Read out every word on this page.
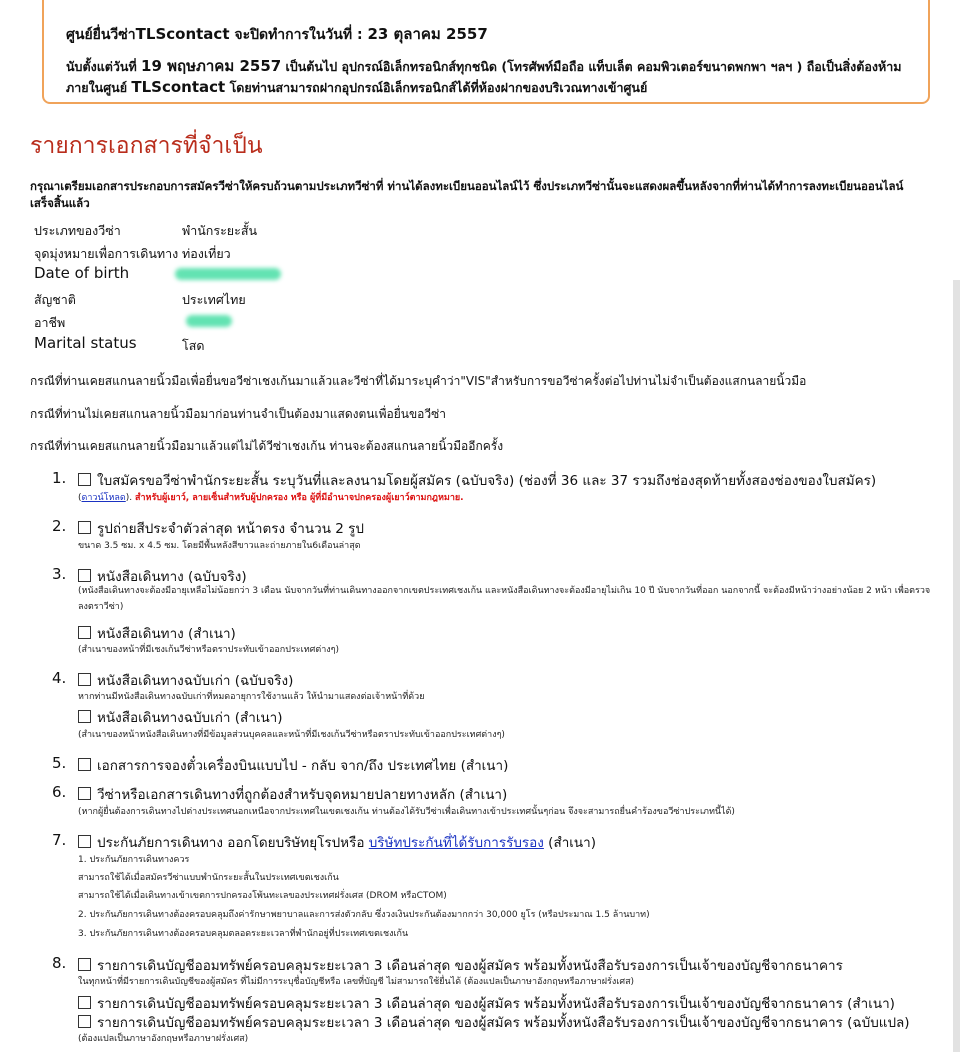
ศูนย์ยื่นวีซ่าTLScontact จะปิดทำการในวันที่ : 23 ตุลาคม 2557
นับตั้งแต่วันที่ 19 พฤษภาคม 2557 เป็นต้นไป อุปกรณ์อิเล็กทรอนิกส์ทุกชนิด (โทรศัพท์มือถือ แท็บเล็ต คอมพิวเตอร์ขนาดพกพา ฯลฯ ) ถือเป็นสิ่งต้องห้ามภายในศูนย์ TLScontact โดยท่านสามารถฝากอุปกรณ์อิเล็กทรอนิกส์ได้ที่ห้องฝากของบริเวณทางเข้าศูนย์
รายการเอกสารที่จำเป็น
กรุณาเตรียมเอกสารประกอบการสมัครวีซ่าให้ครบถ้วนตามประเภทวีซ่าที่ ท่านได้ลงทะเบียนออนไลน์ไว้ ซึ่งประเภทวีซ่านั้นจะแสดงผลขึ้นหลังจากที่ท่านได้ทำการลงทะเบียนออนไลน์ เสร็จสิ้นแล้ว
ประเภทของวีซ่า	พำนักระยะสั้น
จุดมุ่งหมายเพื่อการเดินทาง ท่องเที่ยว
Date of birth
สัญชาติ	ประเทศไทย
อาชีพ
Marital status	โสด
กรณีที่ท่านเคยสแกนลายนิ้วมือเพื่อยื่นขอวีซ่าเชงเก้นมาแล้วและวีซ่าที่ได้มาระบุคำว่า"VIS"สำหรับการขอวีซ่าครั้งต่อไปท่านไม่จำเป็นต้องแสกนลายนิ้วมือ
กรณีที่ท่านไม่เคยสแกนลายนิ้วมือมาก่อนท่านจำเป็นต้องมาแสดงตนเพื่อยื่นขอวีซ่า
กรณีที่ท่านเคยสแกนลายนิ้วมือมาแล้วแต่ไม่ได้วีซ่าเชงเก้น ท่านจะต้องสแกนลายนิ้วมืออีกครั้ง
1.	ใบสมัครขอวีซ่าพำนักระยะสั้น ระบุวันที่และลงนามโดยผู้สมัคร (ฉบับจริง) (ช่องที่ 36 และ 37 รวมถึงช่องสุดท้ายทั้งสองช่องของใบสมัคร)
(ดาวน์โหลด). สำหรับผู้เยาว์, ลายเซ็นสำหรับผู้ปกครอง หรือ ผู้ที่มีอำนาจปกครองผู้เยาว์ตามกฎหมาย.
2.	รูปถ่ายสีประจำตัวล่าสุด หน้าตรง จำนวน 2 รูป
ขนาด 3.5 ซม. x 4.5 ซม. โดยมีพื้นหลังสีขาวและถ่ายภายใน6เดือนล่าสุด
3.	หนังสือเดินทาง (ฉบับจริง)
(หนังสือเดินทางจะต้องมีอายุเหลือไม่น้อยกว่า 3 เดือน นับจากวันที่ท่านเดินทางออกจากเขตประเทศเชงเก้น และหนังสือเดินทางจะต้องมีอายุไม่เกิน 10 ปี นับจากวันที่ออก นอกจากนี้ จะต้องมีหน้าว่างอย่างน้อย 2 หน้า เพื่อตรวจลงตราวีซ่า)
หนังสือเดินทาง (สำเนา)
(สำเนาของหน้าที่มีเชงเก้นวีซ่าหรือตราประทับเข้าออกประเทศต่างๆ)
4.	หนังสือเดินทางฉบับเก่า (ฉบับจริง)
หากท่านมีหนังสือเดินทางฉบับเก่าที่หมดอายุการใช้งานแล้ว ให้นำมาแสดงต่อเจ้าหน้าที่ด้วย
หนังสือเดินทางฉบับเก่า (สำเนา)
(สำเนาของหน้าหนังสือเดินทางที่มีข้อมูลส่วนบุคคลและหน้าที่มีเชงเก้นวีซ่าหรือตราประทับเข้าออกประเทศต่างๆ)
5.	เอกสารการจองตั๋วเครื่องบินแบบไป - กลับ จาก/ถึง ประเทศไทย (สำเนา)
6.	วีซ่าหรือเอกสารเดินทางที่ถูกต้องสำหรับจุดหมายปลายทางหลัก (สำเนา)
(หากผู้ยื่นต้องการเดินทางไปต่างประเทศนอกเหนือจากประเทศในเขตเชงเก้น ท่านต้องได้รับวีซ่าเพื่อเดินทางเข้าประเทศนั้นๆก่อน จึงจะสามารถยื่นคำร้องขอวีซ่าประเภทนี้ได้)
7.	ประกันภัยการเดินทาง ออกโดยบริษัทยุโรปหรือ บริษัทประกันที่ได้รับการรับรอง (สำเนา)
1. ประกันภัยการเดินทางควร
สามารถใช้ได้เมื่อสมัครวีซ่าแบบพำนักระยะสั้นในประเทศเขตเชงเก้น
สามารถใช้ได้เมื่อเดินทางเข้าเขตการปกครองโพ้นทะเลของประเทศฝรั่งเศส (DROM หรือCTOM)
2. ประกันภัยการเดินทางต้องครอบคลุมถึงค่ารักษาพยาบาลและการส่งตัวกลับ ซึ่งวงเงินประกันต้องมากกว่า 30,000 ยูโร (หรือประมาณ 1.5 ล้านบาท)
3. ประกันภัยการเดินทางต้องครอบคลุมตลอดระยะเวลาที่พำนักอยู่ที่ประเทศเขตเชงเก้น
8.	รายการเดินบัญชีออมทรัพย์ครอบคลุมระยะเวลา 3 เดือนล่าสุด ของผู้สมัคร พร้อมทั้งหนังสือรับรองการเป็นเจ้าของบัญชีจากธนาคาร
ในทุกหน้าที่มีรายการเดินบัญชีของผู้สมัคร ที่ไม่มีการระบุชื่อบัญชีหรือ เลขที่บัญชี ไม่สามารถใช้ยื่นได้ (ต้องแปลเป็นภาษาอังกฤษหรือภาษาฝรั่งเศส)
รายการเดินบัญชีออมทรัพย์ครอบคลุมระยะเวลา 3 เดือนล่าสุด ของผู้สมัคร พร้อมทั้งหนังสือรับรองการเป็นเจ้าของบัญชีจากธนาคาร (สำเนา)
รายการเดินบัญชีออมทรัพย์ครอบคลุมระยะเวลา 3 เดือนล่าสุด ของผู้สมัคร พร้อมทั้งหนังสือรับรองการเป็นเจ้าของบัญชีจากธนาคาร (ฉบับแปล)
(ต้องแปลเป็นภาษาอังกฤษหรือภาษาฝรั่งเศส)
